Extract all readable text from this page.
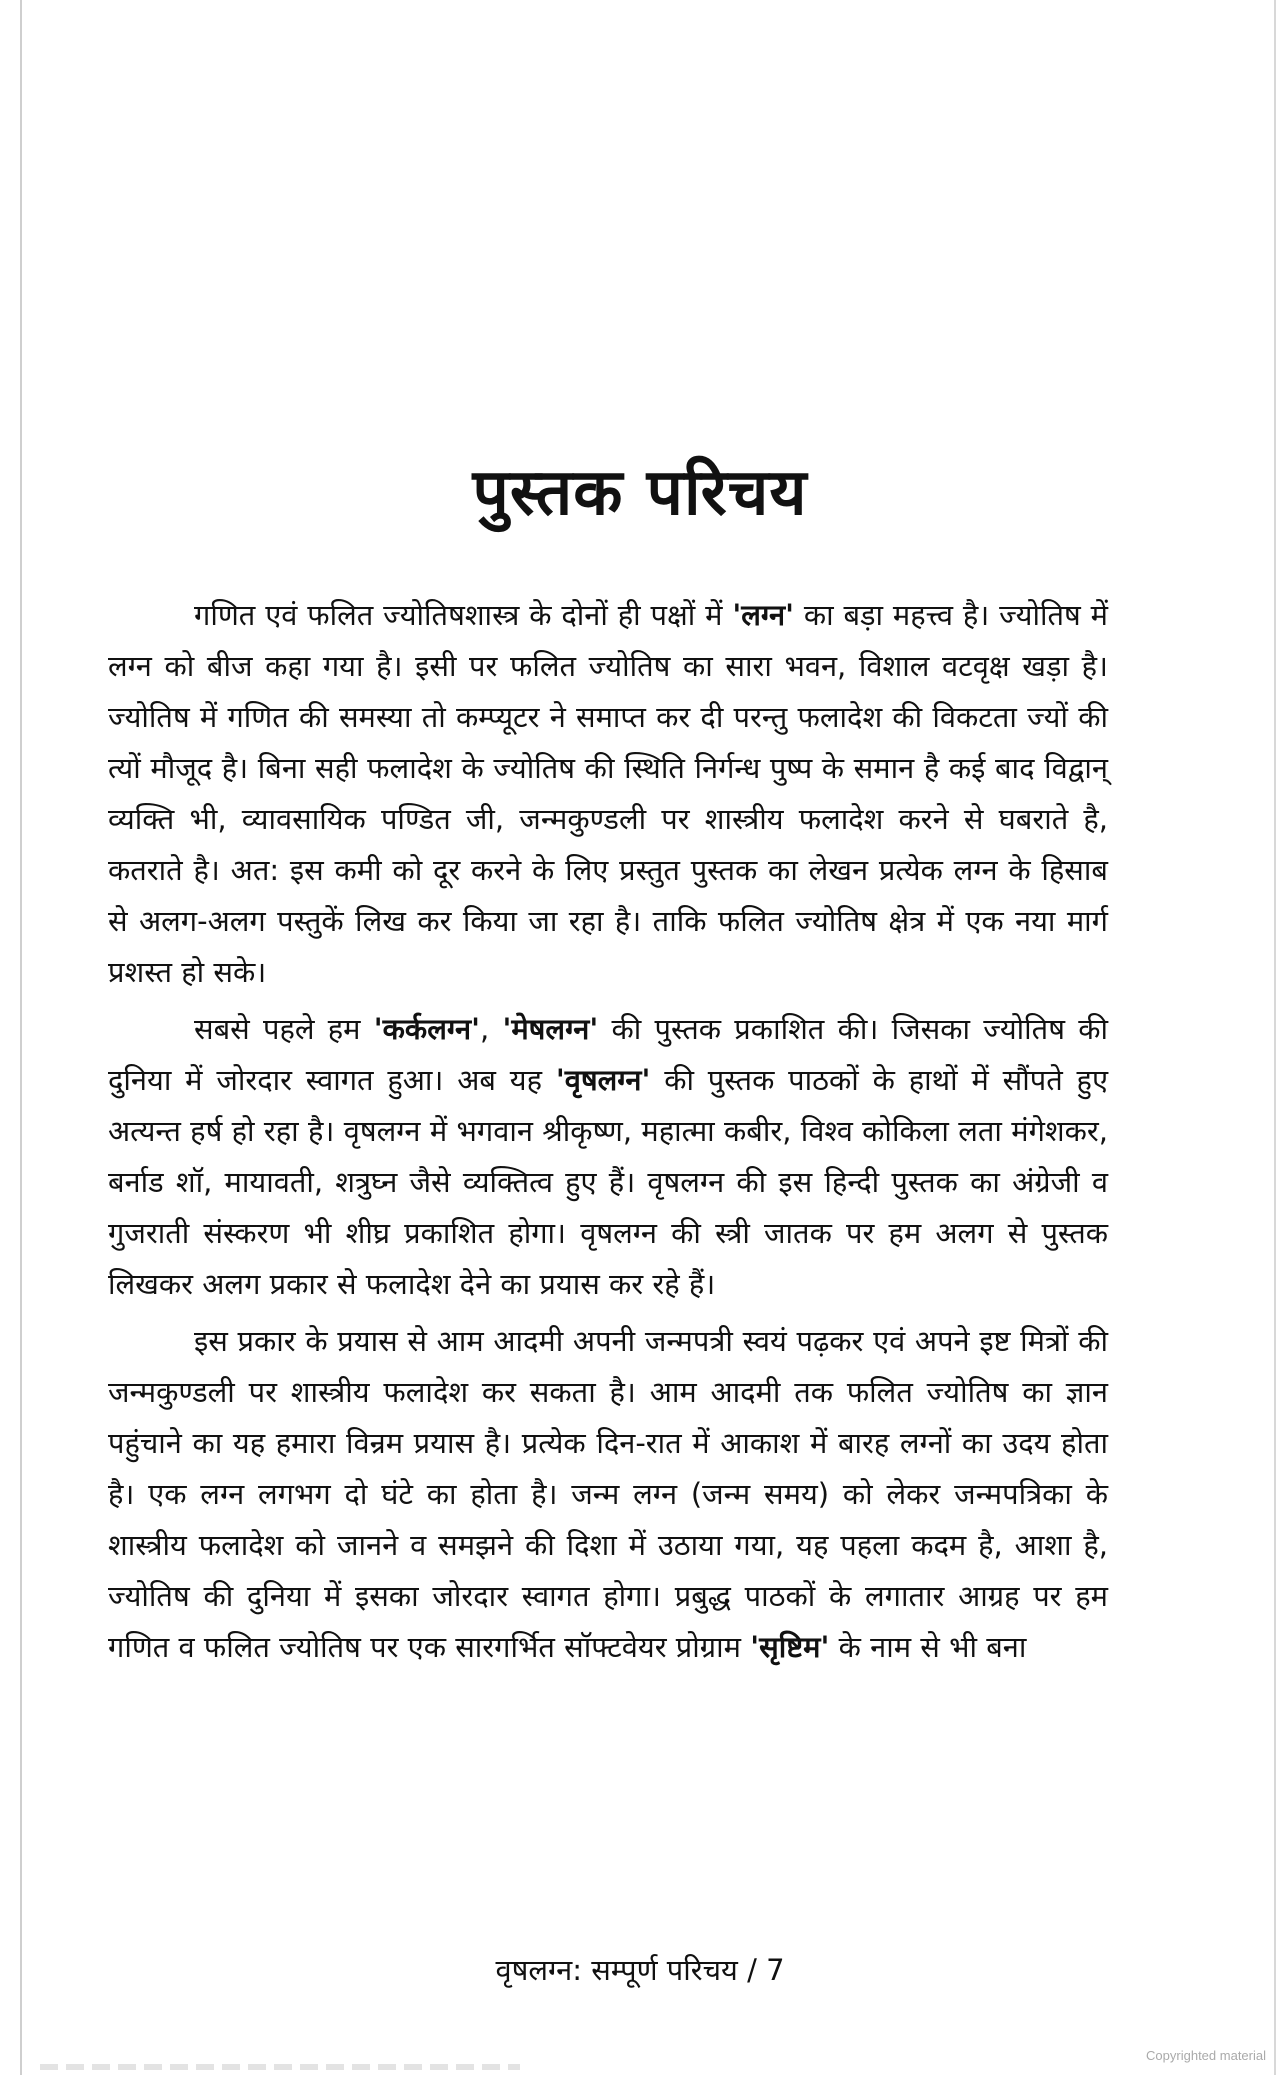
पुस्तक परिचय

गणित एवं फलित ज्योतिषशास्त्र के दोनों ही पक्षों में 'लग्न' का बड़ा महत्त्व है। ज्योतिष में लग्न को बीज कहा गया है। इसी पर फलित ज्योतिष का सारा भवन, विशाल वटवृक्ष खड़ा है। ज्योतिष में गणित की समस्या तो कम्प्यूटर ने समाप्त कर दी परन्तु फलादेश की विकटता ज्यों की त्यों मौजूद है। बिना सही फलादेश के ज्योतिष की स्थिति निर्गन्ध पुष्प के समान है कई बाद विद्वान् व्यक्ति भी, व्यावसायिक पण्डित जी, जन्मकुण्डली पर शास्त्रीय फलादेश करने से घबराते है, कतराते है। अत: इस कमी को दूर करने के लिए प्रस्तुत पुस्तक का लेखन प्रत्येक लग्न के हिसाब से अलग-अलग पस्तुकें लिख कर किया जा रहा है। ताकि फलित ज्योतिष क्षेत्र में एक नया मार्ग प्रशस्त हो सके।

सबसे पहले हम 'कर्कलग्न', 'मेषलग्न' की पुस्तक प्रकाशित की। जिसका ज्योतिष की दुनिया में जोरदार स्वागत हुआ। अब यह 'वृषलग्न' की पुस्तक पाठकों के हाथों में सौंपते हुए अत्यन्त हर्ष हो रहा है। वृषलग्न में भगवान श्रीकृष्ण, महात्मा कबीर, विश्व कोकिला लता मंगेशकर, बर्नाड शॉ, मायावती, शत्रुघ्न जैसे व्यक्तित्व हुए हैं। वृषलग्न की इस हिन्दी पुस्तक का अंग्रेजी व गुजराती संस्करण भी शीघ्र प्रकाशित होगा। वृषलग्न की स्त्री जातक पर हम अलग से पुस्तक लिखकर अलग प्रकार से फलादेश देने का प्रयास कर रहे हैं।

इस प्रकार के प्रयास से आम आदमी अपनी जन्मपत्री स्वयं पढ़कर एवं अपने इष्ट मित्रों की जन्मकुण्डली पर शास्त्रीय फलादेश कर सकता है। आम आदमी तक फलित ज्योतिष का ज्ञान पहुंचाने का यह हमारा विन्रम प्रयास है। प्रत्येक दिन-रात में आकाश में बारह लग्नों का उदय होता है। एक लग्न लगभग दो घंटे का होता है। जन्म लग्न (जन्म समय) को लेकर जन्मपत्रिका के शास्त्रीय फलादेश को जानने व समझने की दिशा में उठाया गया, यह पहला कदम है, आशा है, ज्योतिष की दुनिया में इसका जोरदार स्वागत होगा। प्रबुद्ध पाठकों के लगातार आग्रह पर हम गणित व फलित ज्योतिष पर एक सारगर्भित सॉफ्टवेयर प्रोग्राम 'सृष्टिम' के नाम से भी बना

वृषलग्न: सम्पूर्ण परिचय / 7
Copyrighted material
